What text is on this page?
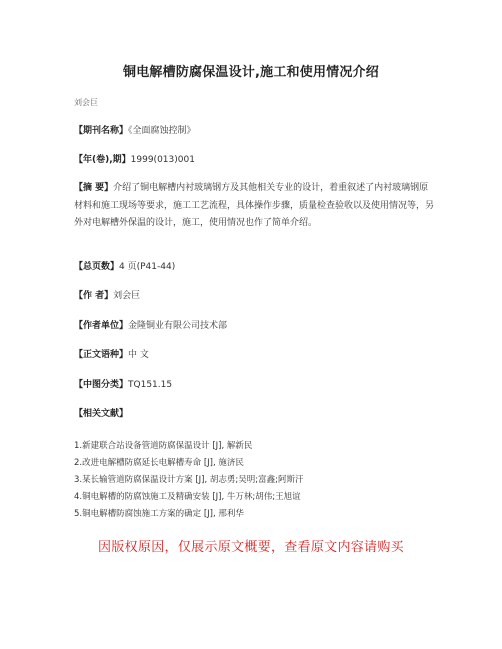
铜电解槽防腐保温设计,施工和使用情况介绍
刘会巨
【期刊名称】《全面腐蚀控制》
【年(卷),期】1999(013)001
【摘 要】介绍了铜电解槽内衬玻璃钢方及其他相关专业的设计，着重叙述了内衬玻璃钢原材料和施工现场等要求，施工工艺流程，具体操作步骤，质量检查验收以及使用情况等，另外对电解槽外保温的设计，施工，使用情况也作了简单介绍。
【总页数】4 页(P41-44)
【作 者】刘会巨
【作者单位】金隆铜业有限公司技术部
【正文语种】中 文
【中图分类】TQ151.15
【相关文献】
1.新建联合站设备管道防腐保温设计 [J], 解新民
2.改进电解槽防腐延长电解槽寿命 [J], 施济民
3.某长输管道防腐保温设计方案 [J], 胡志勇;吴明;富鑫;阿斯汗
4.铜电解槽的防腐蚀施工及精确安装 [J], 牛万林;胡伟;王旭谊
5.铜电解槽防腐蚀施工方案的确定 [J], 邢利华
因版权原因，仅展示原文概要，查看原文内容请购买
